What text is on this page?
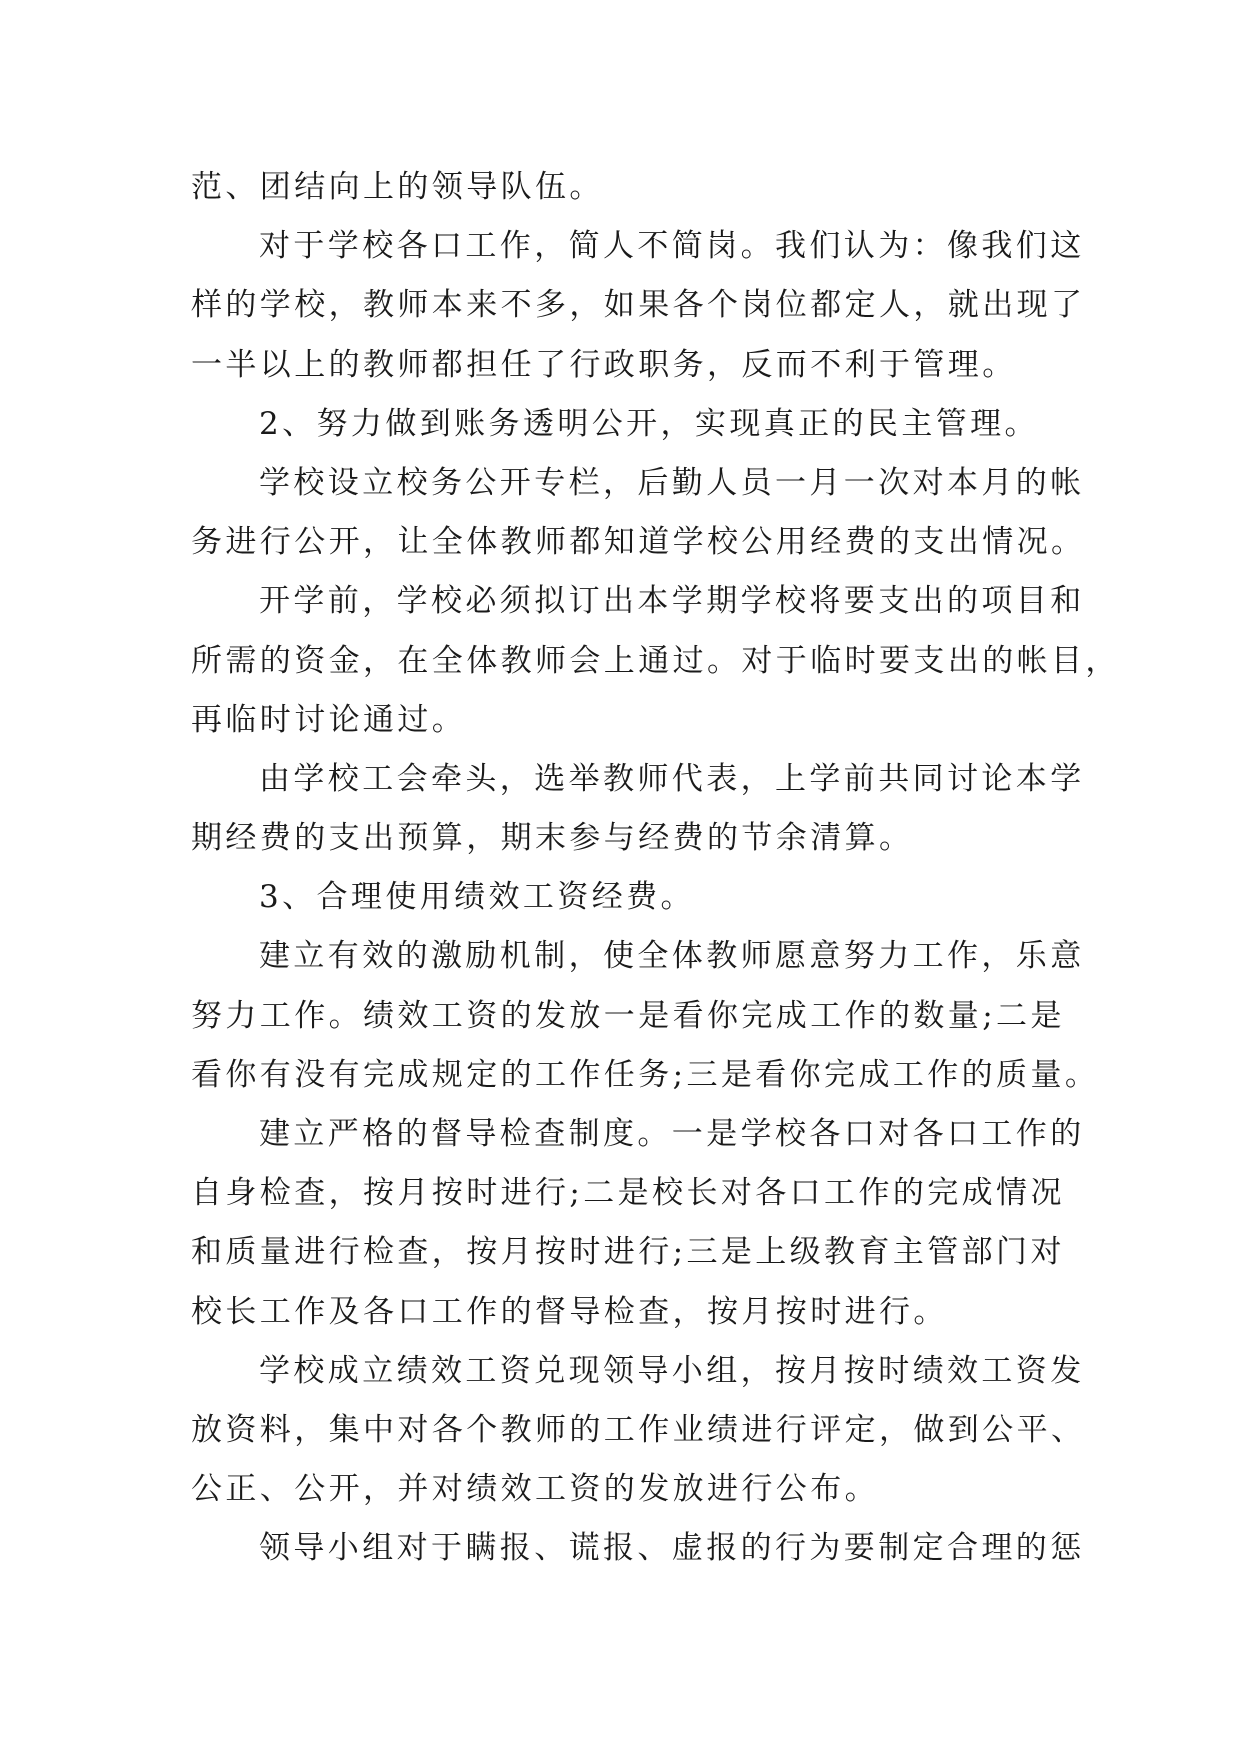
范、团结向上的领导队伍。
对于学校各口工作，简人不简岗。我们认为：像我们这
样的学校，教师本来不多，如果各个岗位都定人，就出现了
一半以上的教师都担任了行政职务，反而不利于管理。
2、努力做到账务透明公开，实现真正的民主管理。
学校设立校务公开专栏，后勤人员一月一次对本月的帐
务进行公开，让全体教师都知道学校公用经费的支出情况。
开学前，学校必须拟订出本学期学校将要支出的项目和
所需的资金，在全体教师会上通过。对于临时要支出的帐目，
再临时讨论通过。
由学校工会牵头，选举教师代表，上学前共同讨论本学
期经费的支出预算，期末参与经费的节余清算。
3、合理使用绩效工资经费。
建立有效的激励机制，使全体教师愿意努力工作，乐意
努力工作。绩效工资的发放一是看你完成工作的数量;二是
看你有没有完成规定的工作任务;三是看你完成工作的质量。
建立严格的督导检查制度。一是学校各口对各口工作的
自身检查，按月按时进行;二是校长对各口工作的完成情况
和质量进行检查，按月按时进行;三是上级教育主管部门对
校长工作及各口工作的督导检查，按月按时进行。
学校成立绩效工资兑现领导小组，按月按时绩效工资发
放资料，集中对各个教师的工作业绩进行评定，做到公平、
公正、公开，并对绩效工资的发放进行公布。
领导小组对于瞒报、谎报、虚报的行为要制定合理的惩
